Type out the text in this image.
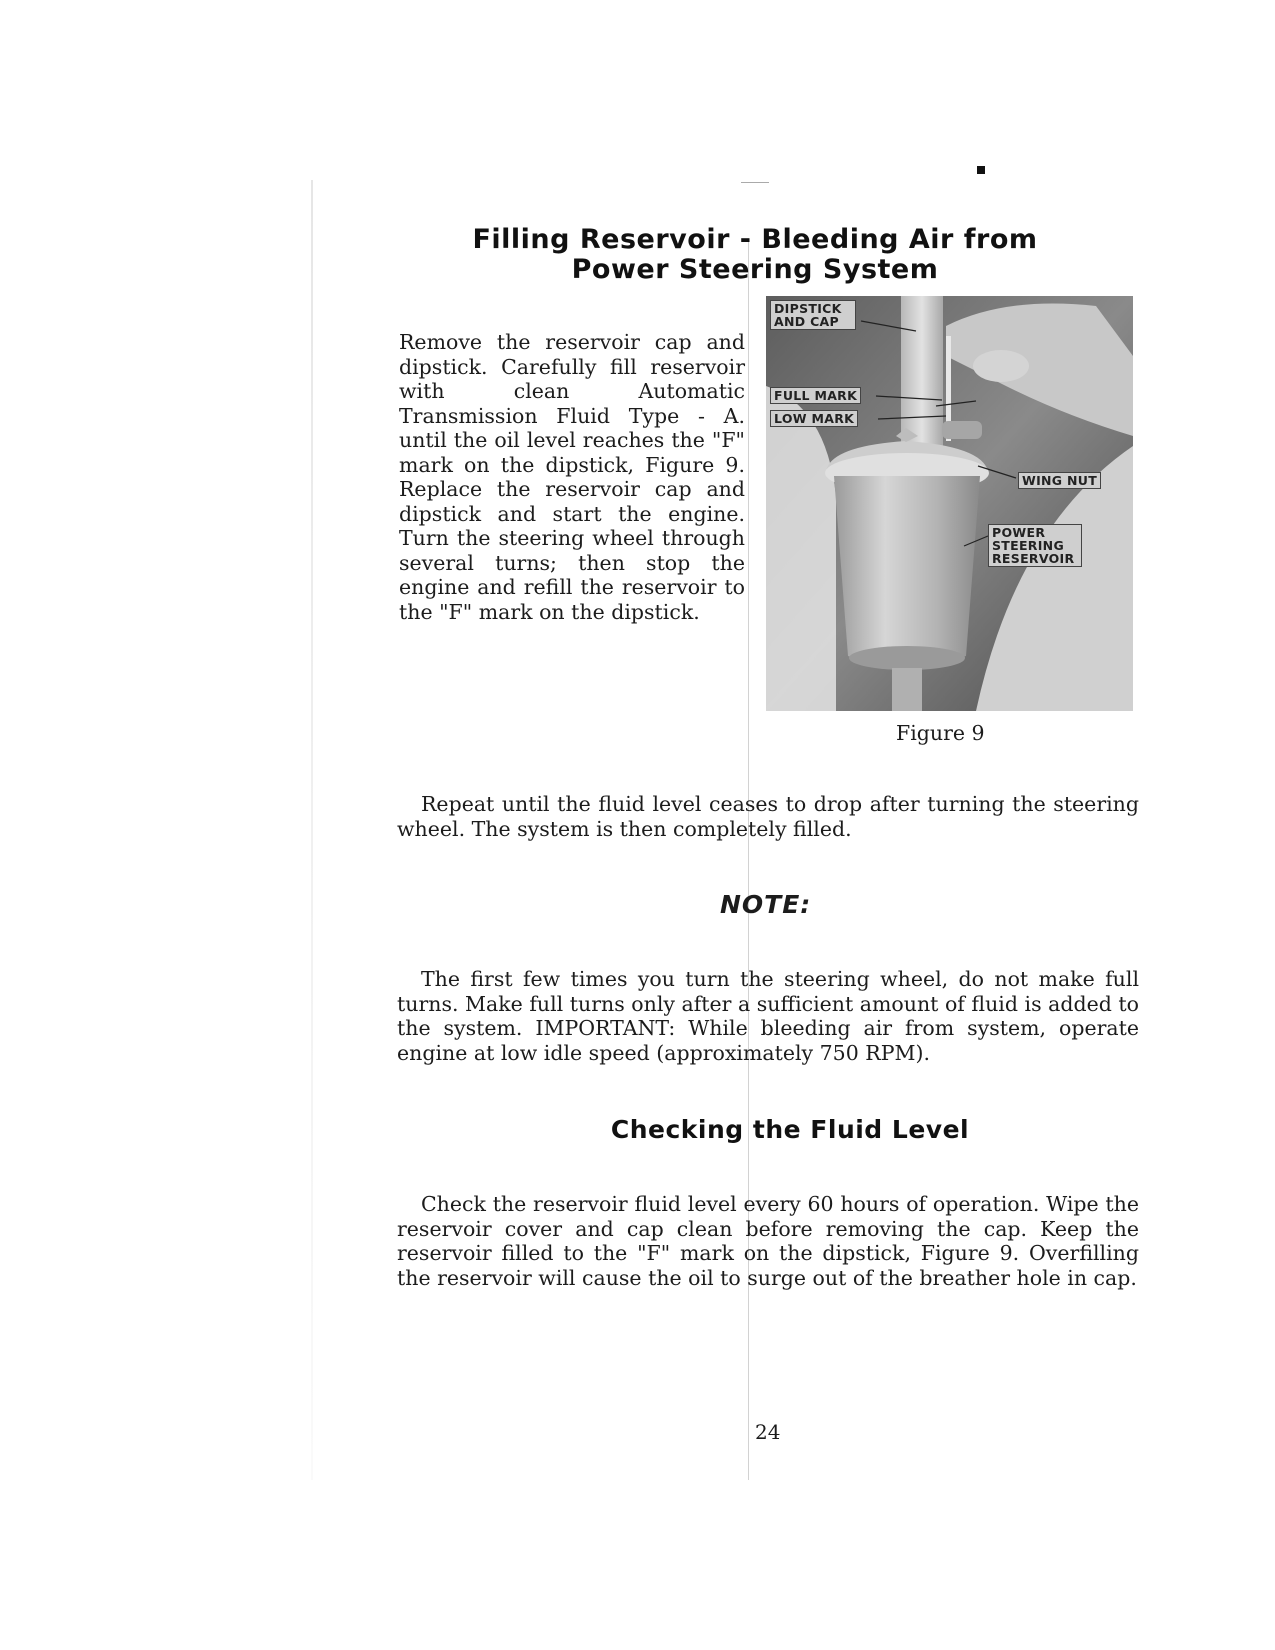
Filling Reservoir - Bleeding Air from
Power Steering System

Remove the reservoir cap and dipstick. Carefully fill reservoir with clean Automatic Transmission Fluid Type - A. until the oil level reaches the "F" mark on the dipstick, Figure 9. Replace the reservoir cap and dipstick and start the engine. Turn the steering wheel through several turns; then stop the engine and refill the reservoir to the "F" mark on the dipstick.

DIPSTICK AND CAP
FULL MARK
LOW MARK
WING NUT
POWER STEERING RESERVOIR

Figure 9

Repeat until the fluid level ceases to drop after turning the steering wheel. The system is then completely filled.

NOTE:

The first few times you turn the steering wheel, do not make full turns. Make full turns only after a sufficient amount of fluid is added to the system. IMPORTANT: While bleeding air from system, operate engine at low idle speed (approximately 750 RPM).

Checking the Fluid Level

Check the reservoir fluid level every 60 hours of operation. Wipe the reservoir cover and cap clean before removing the cap. Keep the reservoir filled to the "F" mark on the dipstick, Figure 9. Overfilling the reservoir will cause the oil to surge out of the breather hole in cap.

24
